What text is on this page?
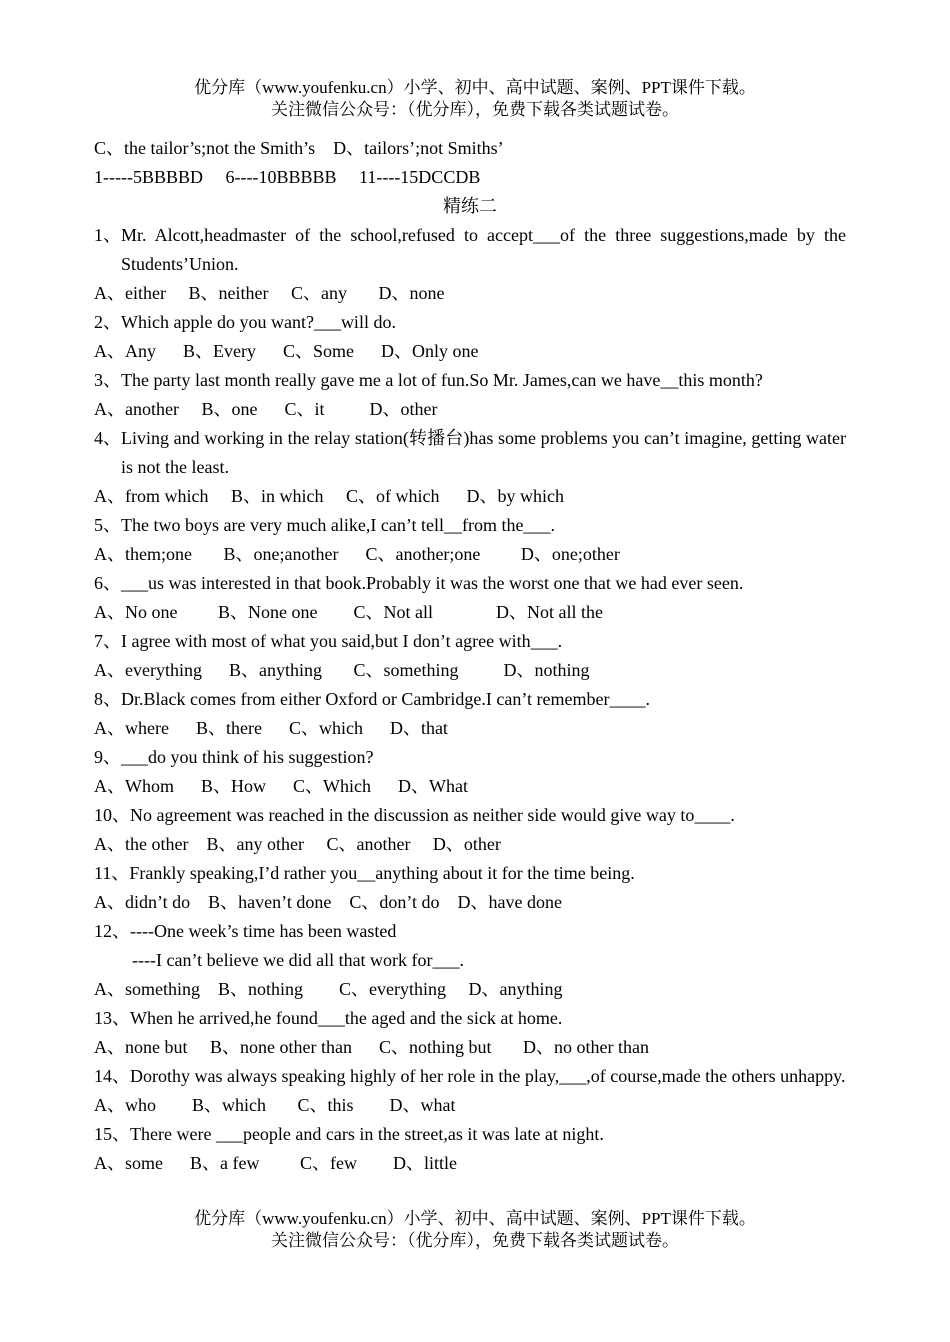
优分库（www.youfenku.cn）小学、初中、高中试题、案例、PPT课件下载。
关注微信公众号：（优分库），免费下载各类试题试卷。
C、the tailor’s;not the Smith’s    D、tailors’;not Smiths’
1-----5BBBBD     6----10BBBBB     11----15DCCDB
精练二
1、 Mr. Alcott,headmaster of the school,refused to accept___of the three suggestions,made by the Students’Union.
A、either     B、neither     C、any       D、none
2、 Which apple do you want?___will do.
A、Any      B、Every      C、Some      D、Only one
3、 The party last month really gave me a lot of fun.So Mr. James,can we have__this month?
A、another     B、one      C、it          D、other
4、 Living and working in the relay station(转播台)has some problems you can’t imagine, getting water is not the least.
A、from which     B、in which     C、of which      D、by which
5、 The two boys are very much alike,I can’t tell__from the___.
A、them;one       B、one;another      C、another;one         D、one;other
6、 ___us was interested in that book.Probably it was the worst one that we had ever seen.
A、No one         B、None one        C、Not all              D、Not all the
7、 I agree with most of what you said,but I don’t agree with___.
A、everything      B、anything       C、something          D、nothing
8、 Dr.Black comes from either Oxford or Cambridge.I can’t remember____.
A、where      B、there      C、which      D、that
9、 ___do you think of his suggestion?
A、Whom      B、How      C、Which      D、What
10、 No agreement was reached in the discussion as neither side would give way to____.
A、the other    B、any other     C、another     D、other
11、 Frankly speaking,I’d rather you__anything about it for the time being.
A、didn’t do    B、haven’t done    C、don’t do    D、have done
12、 ----One week’s time has been wasted
----I can’t believe we did all that work for___.
A、something    B、nothing        C、everything     D、anything
13、 When he arrived,he found___the aged and the sick at home.
A、none but     B、none other than      C、nothing but       D、no other than
14、 Dorothy was always speaking highly of her role in the play,___,of course,made the others unhappy.
A、who        B、which       C、this        D、what
15、 There were ___people and cars in the street,as it was late at night.
A、some      B、a few         C、few        D、little
优分库（www.youfenku.cn）小学、初中、高中试题、案例、PPT课件下载。
关注微信公众号：（优分库），免费下载各类试题试卷。
